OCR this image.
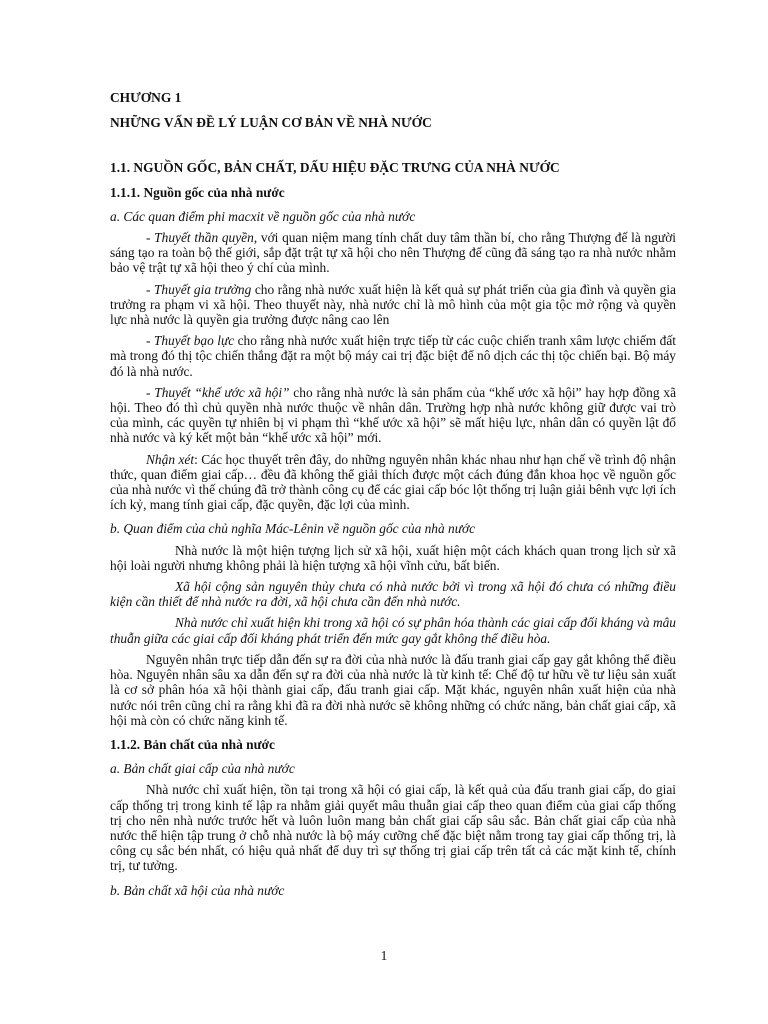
CHƯƠNG 1
NHỮNG VẤN ĐỀ LÝ LUẬN CƠ BẢN VỀ NHÀ NƯỚC
1.1. NGUỒN GỐC, BẢN CHẤT, DẤU HIỆU ĐẶC TRƯNG CỦA NHÀ NƯỚC
1.1.1. Nguồn gốc của nhà nước
a. Các quan điểm phi macxit về nguồn gốc của nhà nước

- Thuyết thần quyền, với quan niệm mang tính chất duy tâm thần bí, cho rằng Thượng đế là người sáng tạo ra toàn bộ thế giới, sắp đặt trật tự xã hội cho nên Thượng đế cũng đã sáng tạo ra nhà nước nhằm bảo vệ trật tự xã hội theo ý chí của mình.

- Thuyết gia trưởng cho rằng nhà nước xuất hiện là kết quả sự phát triển của gia đình và quyền gia trưởng ra phạm vi xã hội. Theo thuyết này, nhà nước chỉ là mô hình của một gia tộc mở rộng và quyền lực nhà nước là quyền gia trưởng được nâng cao lên

- Thuyết bạo lực cho rằng nhà nước xuất hiện trực tiếp từ các cuộc chiến tranh xâm lược chiếm đất mà trong đó thị tộc chiến thắng đặt ra một bộ máy cai trị đặc biệt để nô dịch các thị tộc chiến bại. Bộ máy đó là nhà nước.

- Thuyết “khế ước xã hội” cho rằng nhà nước là sản phẩm của “khế ước xã hội” hay hợp đồng xã hội. Theo đó thì chủ quyền nhà nước thuộc về nhân dân. Trường hợp nhà nước không giữ được vai trò của mình, các quyền tự nhiên bị vi phạm thì “khế ước xã hội” sẽ mất hiệu lực, nhân dân có quyền lật đổ nhà nước và ký kết một bản “khế ước xã hội” mới.

Nhận xét: Các học thuyết trên đây, do những nguyên nhân khác nhau như hạn chế về trình độ nhận thức, quan điểm giai cấp… đều đã không thể giải thích được một cách đúng đắn khoa học về nguồn gốc của nhà nước vì thế chúng đã trở thành công cụ để các giai cấp bóc lột thống trị luận giải bênh vực lợi ích ích kỷ, mang tính giai cấp, đặc quyền, đặc lợi của mình.

b. Quan điểm của chủ nghĩa Mác-Lênin về nguồn gốc của nhà nước

Nhà nước là một hiện tượng lịch sử xã hội, xuất hiện một cách khách quan trong lịch sử xã hội loài người nhưng không phải là hiện tượng xã hội vĩnh cửu, bất biến.

Xã hội cộng sản nguyên thủy chưa có nhà nước bởi vì trong xã hội đó chưa có những điều kiện cần thiết để nhà nước ra đời, xã hội chưa cần đến nhà nước.

Nhà nước chỉ xuất hiện khi trong xã hội có sự phân hóa thành các giai cấp đối kháng và mâu thuẫn giữa các giai cấp đối kháng phát triển đến mức gay gắt không thể điều hòa.

Nguyên nhân trực tiếp dẫn đến sự ra đời của nhà nước là đấu tranh giai cấp gay gắt không thể điều hòa. Nguyên nhân sâu xa dẫn đến sự ra đời của nhà nước là từ kinh tế: Chế độ tư hữu về tư liệu sản xuất là cơ sở phân hóa xã hội thành giai cấp, đấu tranh giai cấp. Mặt khác, nguyên nhân xuất hiện của nhà nước nói trên cũng chỉ ra rằng khi đã ra đời nhà nước sẽ không những có chức năng, bản chất giai cấp, xã hội mà còn có chức năng kinh tế.

1.1.2. Bản chất của nhà nước
a. Bản chất giai cấp của nhà nước

Nhà nước chỉ xuất hiện, tồn tại trong xã hội có giai cấp, là kết quả của đấu tranh giai cấp, do giai cấp thống trị trong kinh tế lập ra nhằm giải quyết mâu thuẫn giai cấp theo quan điểm của giai cấp thống trị cho nên nhà nước trước hết và luôn luôn mang bản chất giai cấp sâu sắc. Bản chất giai cấp của nhà nước thể hiện tập trung ở chỗ nhà nước là bộ máy cưỡng chế đặc biệt nằm trong tay giai cấp thống trị, là công cụ sắc bén nhất, có hiệu quả nhất để duy trì sự thống trị giai cấp trên tất cả các mặt kinh tế, chính trị, tư tưởng.

b. Bản chất xã hội của nhà nước
1
